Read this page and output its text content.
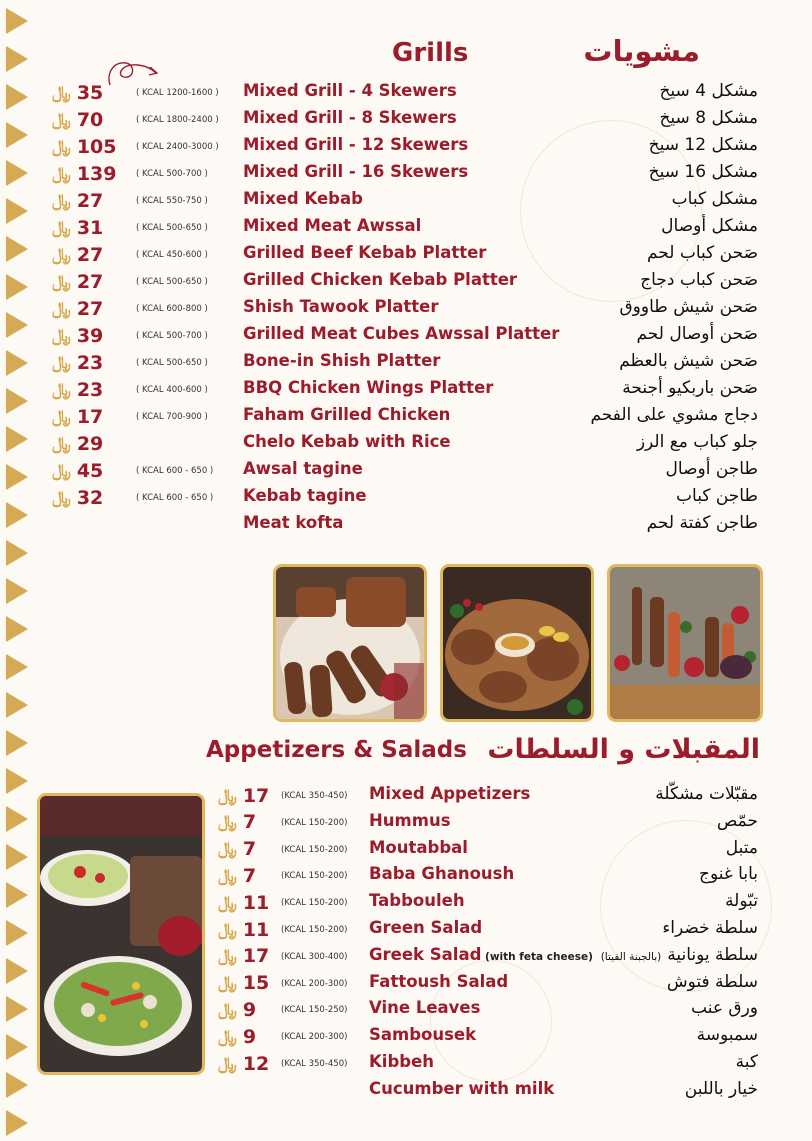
Grills	مشويات
﷼ 35	( KCAL 1200-1600 ) Mixed Grill - 4 Skewers	مشكل 4 سيخ
﷼ 70	( KCAL 1800-2400 ) Mixed Grill - 8 Skewers	مشكل 8 سيخ
﷼ 105 ( KCAL 2400-3000 ) Mixed Grill - 12 Skewers	مشكل 12 سيخ
﷼ 139 ( KCAL 500-700 ) Mixed Grill - 16 Skewers	مشكل 16 سيخ
﷼ 27	( KCAL 550-750 ) Mixed Kebab	مشكل كباب
﷼ 31	( KCAL 500-650 ) Mixed Meat Awssal	مشكل أوصال
﷼ 27	( KCAL 450-600 ) Grilled Beef Kebab Platter	صَحن كباب لحم
﷼ 27	( KCAL 500-650 ) Grilled Chicken Kebab Platter	صَحن كباب دجاج
﷼ 27	( KCAL 600-800 ) Shish Tawook Platter	صَحن شيش طاووق
﷼ 39	( KCAL 500-700 ) Grilled Meat Cubes Awssal Platter	صَحن أوصال لحم
﷼ 23	( KCAL 500-650 ) Bone-in Shish Platter	صَحن شيش بالعظم
﷼ 23	( KCAL 400-600 ) BBQ Chicken Wings Platter	صَحن باربكيو أجنحة
﷼ 17	( KCAL 700-900 ) Faham Grilled Chicken	دجاج مشوي على الفحم
﷼ 29	Chelo Kebab with Rice	جلو كباب مع الرز
﷼ 45	( KCAL 600 - 650 ) Awsal tagine	طاجن أوصال
﷼ 32	( KCAL 600 - 650 ) Kebab tagine	طاجن كباب
Meat kofta	طاجن كفتة لحم
Appetizers & Salads المقبلات و السلطات
﷼ 17 (KCAL 350-450) Mixed Appetizers	مقبّلات مشكّلة
﷼ 7	(KCAL 150-200) Hummus	حمّص
﷼ 7	(KCAL 150-200) Moutabbal	متبل
﷼ 7	(KCAL 150-200) Baba Ghanoush	بابا غنوج
﷼ 11 (KCAL 150-200) Tabbouleh	تبّولة
﷼ 11 (KCAL 150-200) Green Salad	سلطة خضراء
﷼ 17 (KCAL 300-400) Greek Salad (with feta cheese)	سلطة يونانية(بالجبنة الفيتا)
﷼ 15 (KCAL 200-300) Fattoush Salad	سلطة فتوش
﷼ 9	(KCAL 150-250) Vine Leaves	ورق عنب
﷼ 9	(KCAL 200-300) Sambousek	سمبوسة
﷼ 12 (KCAL 350-450) Kibbeh	كبة
Cucumber with milk	خيار باللبن
